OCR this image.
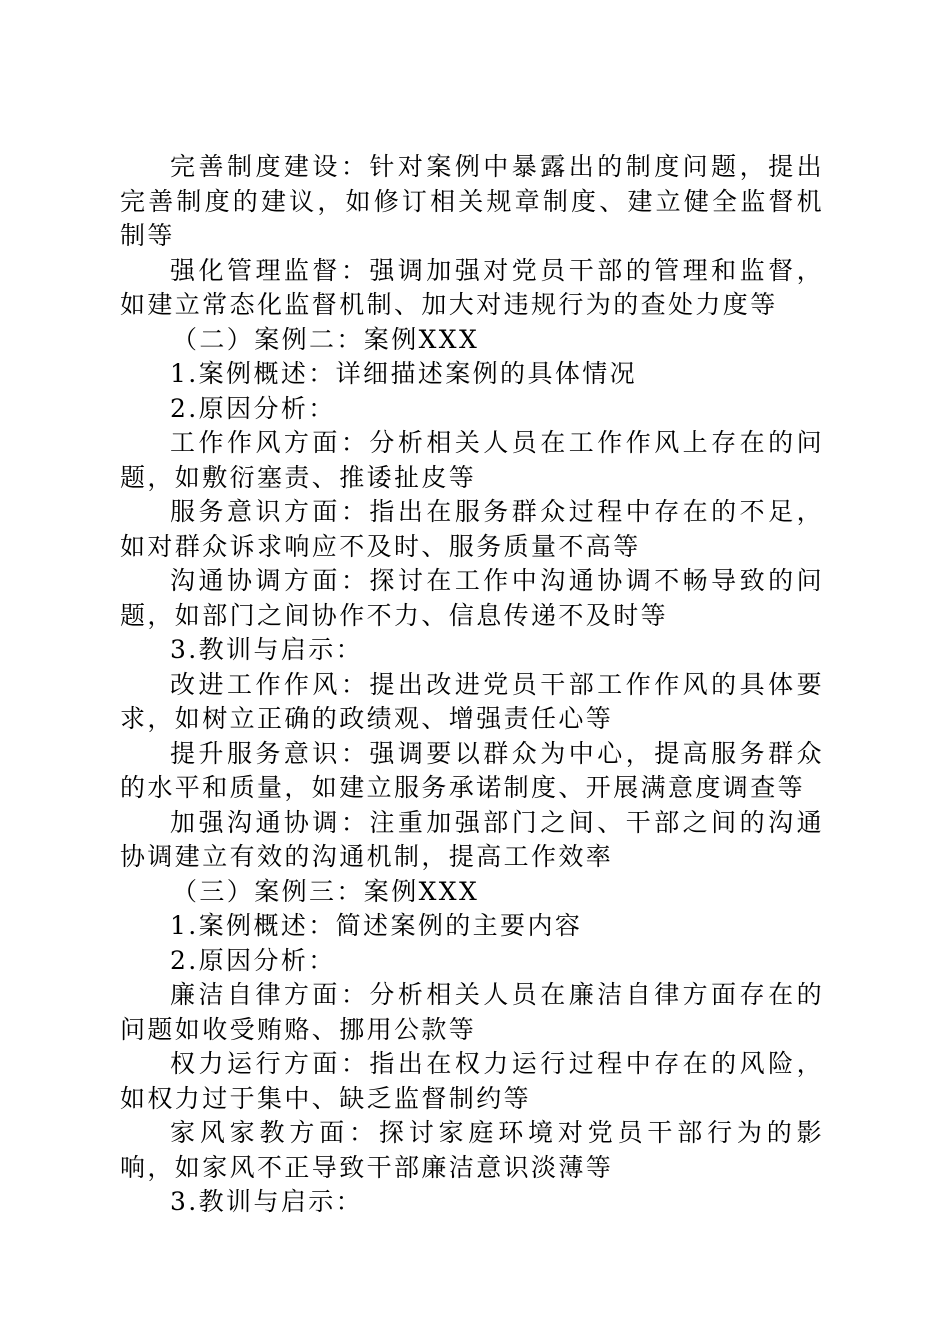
完善制度建设：针对案例中暴露出的制度问题，提出完善制度的建议，如修订相关规章制度、建立健全监督机制等

强化管理监督：强调加强对党员干部的管理和监督，如建立常态化监督机制、加大对违规行为的查处力度等

（二）案例二：案例XXX

1.案例概述：详细描述案例的具体情况

2.原因分析：

工作作风方面：分析相关人员在工作作风上存在的问题，如敷衍塞责、推诿扯皮等

服务意识方面：指出在服务群众过程中存在的不足，如对群众诉求响应不及时、服务质量不高等

沟通协调方面：探讨在工作中沟通协调不畅导致的问题，如部门之间协作不力、信息传递不及时等

3.教训与启示：

改进工作作风：提出改进党员干部工作作风的具体要求，如树立正确的政绩观、增强责任心等

提升服务意识：强调要以群众为中心，提高服务群众的水平和质量，如建立服务承诺制度、开展满意度调查等

加强沟通协调：注重加强部门之间、干部之间的沟通协调建立有效的沟通机制，提高工作效率

（三）案例三：案例XXX

1.案例概述：简述案例的主要内容

2.原因分析：

廉洁自律方面：分析相关人员在廉洁自律方面存在的问题如收受贿赂、挪用公款等

权力运行方面：指出在权力运行过程中存在的风险，如权力过于集中、缺乏监督制约等

家风家教方面：探讨家庭环境对党员干部行为的影响，如家风不正导致干部廉洁意识淡薄等

3.教训与启示：
